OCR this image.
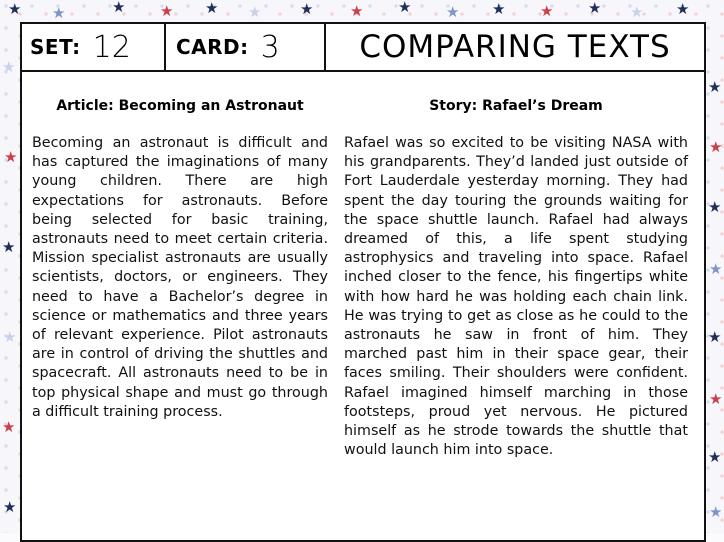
★ ★	★ ★ ★ ★	★ ★ ★ ★ ★ ★ ★ ★ ★
★
★
★
★
★
★
★
★
★
★
★
★
★
★
SET: 12 CARD: 3	COMPARING TEXTS
Article: Becoming an Astronaut

Becoming an astronaut is difficult and has captured the imaginations of many young children. There are high expectations for astronauts. Before being selected for basic training, astronauts need to meet certain criteria. Mission specialist astronauts are usually scientists, doctors, or engineers. They need to have a Bachelor’s degree in science or mathematics and three years of relevant experience. Pilot astronauts are in control of driving the shuttles and spacecraft. All astronauts need to be in top physical shape and must go through a difficult training process.

Story: Rafael’s Dream

Rafael was so excited to be visiting NASA with his grandparents. They’d landed just outside of Fort Lauderdale yesterday morning. They had spent the day touring the grounds waiting for the space shuttle launch. Rafael had always dreamed of this, a life spent studying astrophysics and traveling into space. Rafael inched closer to the fence, his fingertips white with how hard he was holding each chain link. He was trying to get as close as he could to the astronauts he saw in front of him. They marched past him in their space gear, their faces smiling. Their shoulders were confident. Rafael imagined himself marching in those footsteps, proud yet nervous. He pictured himself as he strode towards the shuttle that would launch him into space.
